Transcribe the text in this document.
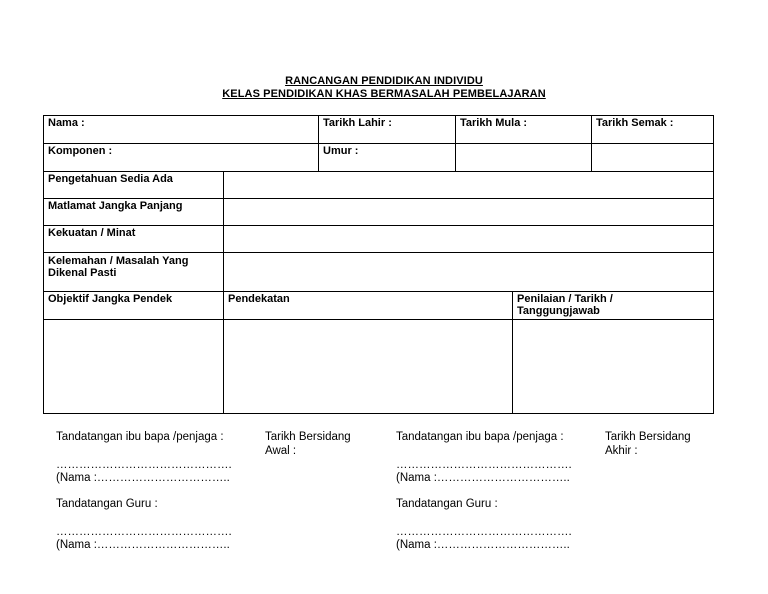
RANCANGAN PENDIDIKAN INDIVIDU
KELAS PENDIDIKAN KHAS BERMASALAH PEMBELAJARAN
Nama :	Tarikh Lahir :	Tarikh Mula :	Tarikh Semak :
Komponen :	Umur :
Pengetahuan Sedia Ada
Matlamat Jangka Panjang
Kekuatan / Minat
Kelemahan / Masalah Yang
Dikenal Pasti
Objektif Jangka Pendek	Pendekatan	Penilaian / Tarikh /
Tanggungjawab
Tandatangan ibu bapa /penjaga :
……………………………………….
(Nama :……………………………..
Tarikh Bersidang
Awal :
Tandatangan ibu bapa /penjaga :
……………………………………….
(Nama :……………………………..
Tarikh Bersidang
Akhir :
Tandatangan Guru :
……………………………………….
(Nama :……………………………..
Tandatangan Guru :
……………………………………….
(Nama :……………………………..
